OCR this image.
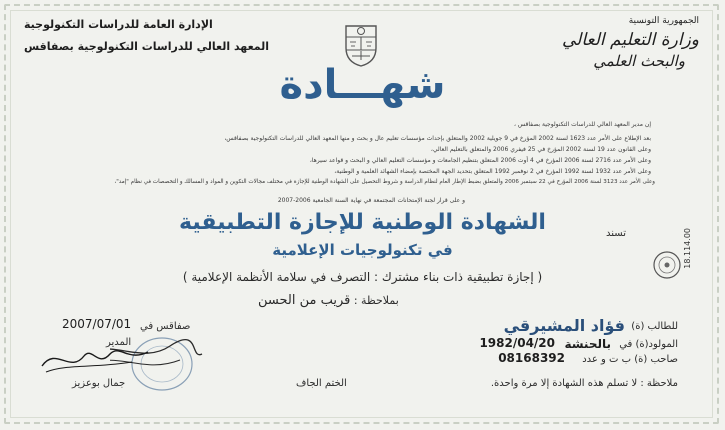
الجمهورية التونسية
وزارة التعليم العالي
والبحث العلمي
الإدارة العامة للدراسات التكنولوجية
المعهد العالي للدراسات التكنولوجية بصفاقس
شهـــادة
إن مدير المعهد العالي للدراسات التكنولوجية بصفاقس ،
بعد الإطلاع على الأمر عدد 1623 لسنة 2002 المؤرخ في 9 جويلية 2002 والمتعلق بإحداث مؤسسات تعليم عال و بحث و منها المعهد العالي للدراسات التكنولوجية بصفاقس،
وعلى القانون عدد 19 لسنة 2002 المؤرخ في 25 فيفري 2006 والمتعلق بالتعليم العالي،
وعلى الأمر عدد 2716 لسنة 2006 المؤرخ في 4 أوت 2006 المتعلق بتنظيم الجامعات و مؤسسات التعليم العالي و البحث و قواعد سيرها،
وعلى الأمر عدد 1932 لسنة 1992 المؤرخ في 2 نوفمبر 1992 المتعلق بتحديد الجهة المختصة بإمضاء الشهائد العلمية و الوطنية،
وعلى الأمر عدد 3123 لسنة 2006 المؤرخ في 22 سبتمبر 2006 والمتعلق بضبط الإطار العام لنظام الدراسة و شروط التحصيل على الشهادة الوطنية للإجازة في مختلف مجالات التكوين و المواد و المسالك و التخصصات في نظام "إمد"،
و على قرار لجنة الإمتحانات المجتمعة في نهاية السنة الجامعية 2006-2007
تسند	18.114.00
الشهادة الوطنية للإجازة التطبيقية
في تكنولوجيات الإعلامية
( إجازة تطبيقية ذات بناء مشترك : التصرف في سلامة الأنظمة الإعلامية )
بملاحظة : قريب من الحسن
للطالب (ة)
فؤاد المشيرقي
المولود(ة) في
1982/04/20 بالحنشة
صاحب (ة) ب ت و عدد
08168392
ملاحظة : لا تسلم هذه الشهادة إلا مرة واحدة.
صفاقس في
2007/07/01
المدير
جمال بوعزيز	الختم الجاف
